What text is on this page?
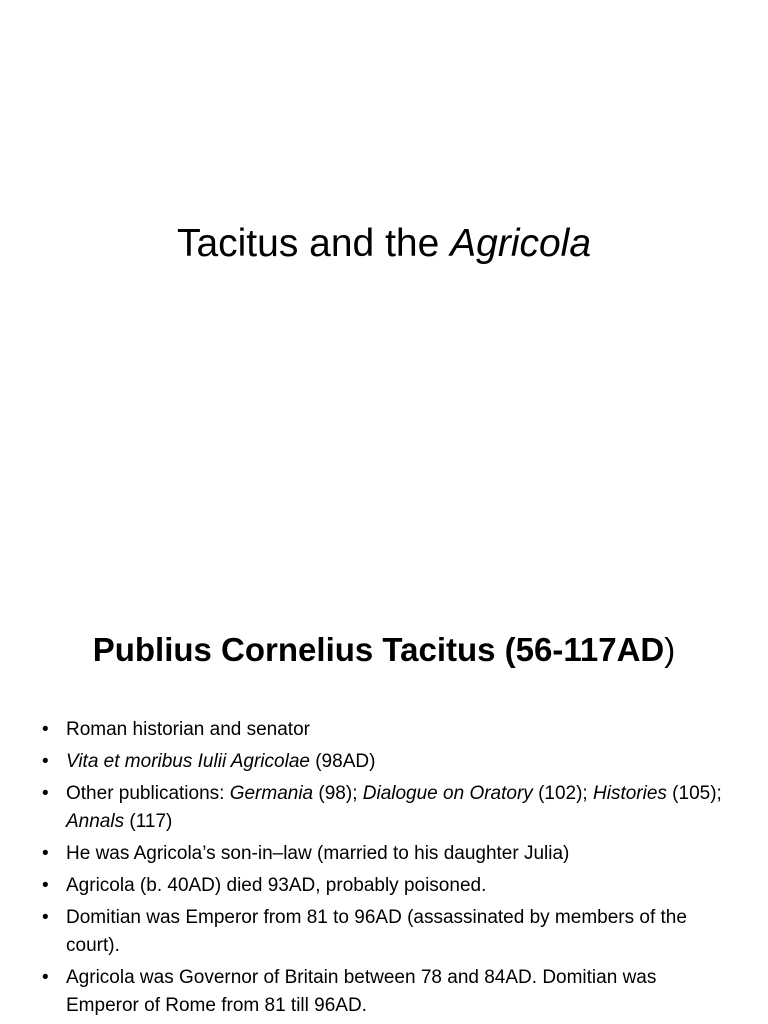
Tacitus and the Agricola
Publius Cornelius Tacitus (56-117AD)
• Roman historian and senator
• Vita et moribus Iulii Agricolae (98AD)
• Other publications: Germania (98); Dialogue on Oratory (102); Histories (105); Annals (117)
• He was Agricola’s son-in–law (married to his daughter Julia)
• Agricola (b. 40AD) died 93AD, probably poisoned.
• Domitian was Emperor from 81 to 96AD (assassinated by members of the court).
• Agricola was Governor of Britain between 78 and 84AD. Domitian was Emperor of Rome from 81 till 96AD.
